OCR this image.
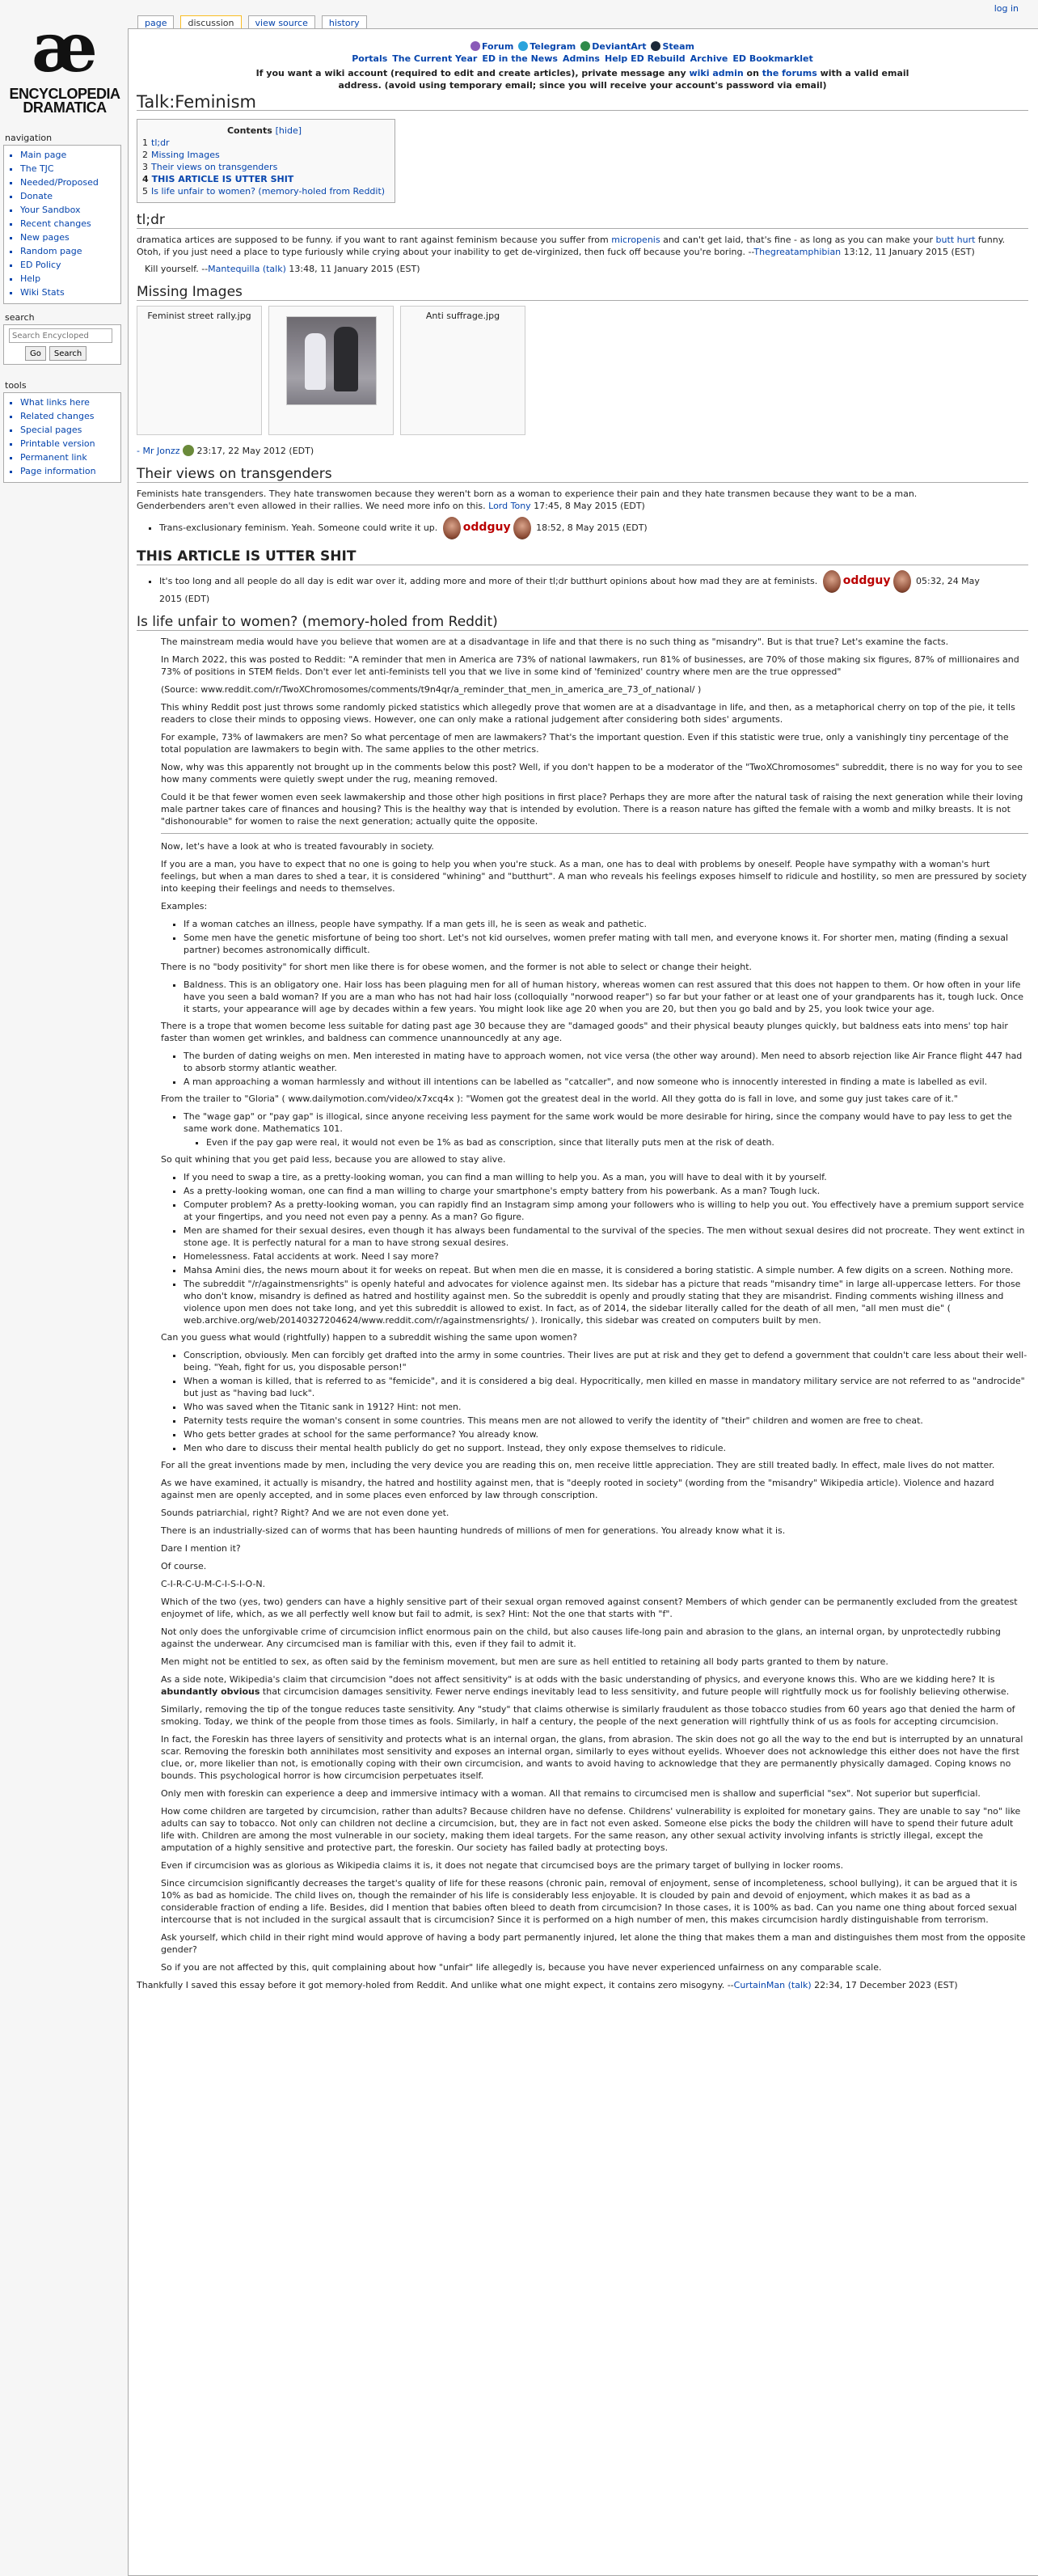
æ
ENCYCLOPEDIA
DRAMATICA
navigation
▪ Main page
▪ The TJC
▪ Needed/Proposed
▪ Donate
▪ Your Sandbox
▪ Recent changes
▪ New pages
▪ Random page
▪ ED Policy
▪ Help
▪ Wiki Stats
search
Search Encycloped
Go	Search
tools
▪ What links here
▪ Related changes
▪ Special pages
▪ Printable version
▪ Permanent link
▪ Page information
log in
page	discussion	view source	history
Forum	Telegram	DeviantArt	Steam
Portals The Current Year ED in the News Admins Help ED Rebuild Archive ED Bookmarklet
If you want a wiki account (required to edit and create articles), private message any wiki admin on the forums with a valid email
address. (avoid using temporary email; since you will receive your account's password via email)
Talk:Feminism
Contents [hide]
1 tl;dr
2 Missing Images
3 Their views on transgenders
4 THIS ARTICLE IS UTTER SHIT
5 Is life unfair to women? (memory-holed from Reddit)
tl;dr

dramatica artices are supposed to be funny. if you want to rant against feminism because you suffer from micropenis and can't get laid, that's fine - as long as you can make your butt hurt funny. Otoh, if you just need a place to type furiously while crying about your inability to get de-virginized, then fuck off because you're boring. --Thegreatamphibian 13:12, 11 January 2015 (EST)

Kill yourself. --Mantequilla (talk) 13:48, 11 January 2015 (EST)

Missing Images
Feminist street rally.jpg	Anti suffrage.jpg

- Mr Jonzz  23:17, 22 May 2012 (EDT)

Their views on transgenders

Feminists hate transgenders. They hate transwomen because they weren't born as a woman to experience their pain and they hate transmen because they want to be a man.
Genderbenders aren't even allowed in their rallies. We need more info on this. Lord Tony 17:45, 8 May 2015 (EDT)

▪ Trans-exclusionary feminism. Yeah. Someone could write it up. oddguy	18:52, 8 May 2015 (EDT)
THIS ARTICLE IS UTTER SHIT
▪ It's too long and all people do all day is edit war over it, adding more and more of their tl;dr butthurt opinions about how mad they are at feminists. oddguy	05:32, 24 May
2015 (EDT)
Is life unfair to women? (memory-holed from Reddit)

The mainstream media would have you believe that women are at a disadvantage in life and that there is no such thing as "misandry". But is that true? Let's examine the facts.

In March 2022, this was posted to Reddit: "A reminder that men in America are 73% of national lawmakers, run 81% of businesses, are 70% of those making six figures, 87% of millionaires and 73% of positions in STEM fields. Don't ever let anti-feminists tell you that we live in some kind of 'feminized' country where men are the true oppressed"

(Source: www.reddit.com/r/TwoXChromosomes/comments/t9n4qr/a_reminder_that_men_in_america_are_73_of_national/ )

This whiny Reddit post just throws some randomly picked statistics which allegedly prove that women are at a disadvantage in life, and then, as a metaphorical cherry on top of the pie, it tells readers to close their minds to opposing views. However, one can only make a rational judgement after considering both sides' arguments.

For example, 73% of lawmakers are men? So what percentage of men are lawmakers? That's the important question. Even if this statistic were true, only a vanishingly tiny percentage of the total population are lawmakers to begin with. The same applies to the other metrics.

Now, why was this apparently not brought up in the comments below this post? Well, if you don't happen to be a moderator of the "TwoXChromosomes" subreddit, there is no way for you to see how many comments were quietly swept under the rug, meaning removed.

Could it be that fewer women even seek lawmakership and those other high positions in first place? Perhaps they are more after the natural task of raising the next generation while their loving male partner takes care of finances and housing? This is the healthy way that is intended by evolution. There is a reason nature has gifted the female with a womb and milky breasts. It is not "dishonourable" for women to raise the next generation; actually quite the opposite.

Now, let's have a look at who is treated favourably in society.

If you are a man, you have to expect that no one is going to help you when you're stuck. As a man, one has to deal with problems by oneself. People have sympathy with a woman's hurt feelings, but when a man dares to shed a tear, it is considered "whining" and "butthurt". A man who reveals his feelings exposes himself to ridicule and hostility, so men are pressured by society into keeping their feelings and needs to themselves.

Examples:

▪ If a woman catches an illness, people have sympathy. If a man gets ill, he is seen as weak and pathetic.
▪ Some men have the genetic misfortune of being too short. Let's not kid ourselves, women prefer mating with tall men, and everyone knows it. For shorter men, mating (finding a sexual partner) becomes astronomically difficult.

There is no "body positivity" for short men like there is for obese women, and the former is not able to select or change their height.

▪ Baldness. This is an obligatory one. Hair loss has been plaguing men for all of human history, whereas women can rest assured that this does not happen to them. Or how often in your life have you seen a bald woman? If you are a man who has not had hair loss (colloquially "norwood reaper") so far but your father or at least one of your grandparents has it, tough luck. Once it starts, your appearance will age by decades within a few years. You might look like age 20 when you are 20, but then you go bald and by 25, you look twice your age.

There is a trope that women become less suitable for dating past age 30 because they are "damaged goods" and their physical beauty plunges quickly, but baldness eats into mens' top hair faster than women get wrinkles, and baldness can commence unannouncedly at any age.

▪ The burden of dating weighs on men. Men interested in mating have to approach women, not vice versa (the other way around). Men need to absorb rejection like Air France flight 447 had to absorb stormy atlantic weather.
▪ A man approaching a woman harmlessly and without ill intentions can be labelled as "catcaller", and now someone who is innocently interested in finding a mate is labelled as evil.

From the trailer to "Gloria" ( www.dailymotion.com/video/x7xcq4x ): "Women got the greatest deal in the world. All they gotta do is fall in love, and some guy just takes care of it."

▪ The "wage gap" or "pay gap" is illogical, since anyone receiving less payment for the same work would be more desirable for hiring, since the company would have to pay less to get the same work done. Mathematics 101.
▪ Even if the pay gap were real, it would not even be 1% as bad as conscription, since that literally puts men at the risk of death.

So quit whining that you get paid less, because you are allowed to stay alive.

▪ If you need to swap a tire, as a pretty-looking woman, you can find a man willing to help you. As a man, you will have to deal with it by yourself.
▪ As a pretty-looking woman, one can find a man willing to charge your smartphone's empty battery from his powerbank. As a man? Tough luck.
▪ Computer problem? As a pretty-looking woman, you can rapidly find an Instagram simp among your followers who is willing to help you out. You effectively have a premium support service at your fingertips, and you need not even pay a penny. As a man? Go figure.
▪ Men are shamed for their sexual desires, even though it has always been fundamental to the survival of the species. The men without sexual desires did not procreate. They went extinct in stone age. It is perfectly natural for a man to have strong sexual desires.
▪ Homelessness. Fatal accidents at work. Need I say more?
▪ Mahsa Amini dies, the news mourn about it for weeks on repeat. But when men die en masse, it is considered a boring statistic. A simple number. A few digits on a screen. Nothing more.
▪ The subreddit "/r/againstmensrights" is openly hateful and advocates for violence against men. Its sidebar has a picture that reads "misandry time" in large all-uppercase letters. For those who don't know, misandry is defined as hatred and hostility against men. So the subreddit is openly and proudly stating that they are misandrist. Finding comments wishing illness and violence upon men does not take long, and yet this subreddit is allowed to exist. In fact, as of 2014, the sidebar literally called for the death of all men, "all men must die" ( web.archive.org/web/20140327204624/www.reddit.com/r/againstmensrights/ ). Ironically, this sidebar was created on computers built by men.

Can you guess what would (rightfully) happen to a subreddit wishing the same upon women?

▪ Conscription, obviously. Men can forcibly get drafted into the army in some countries. Their lives are put at risk and they get to defend a government that couldn't care less about their well-being. "Yeah, fight for us, you disposable person!"
▪ When a woman is killed, that is referred to as "femicide", and it is considered a big deal. Hypocritically, men killed en masse in mandatory military service are not referred to as "androcide" but just as "having bad luck".
▪ Who was saved when the Titanic sank in 1912? Hint: not men.
▪ Paternity tests require the woman's consent in some countries. This means men are not allowed to verify the identity of "their" children and women are free to cheat.
▪ Who gets better grades at school for the same performance? You already know.
▪ Men who dare to discuss their mental health publicly do get no support. Instead, they only expose themselves to ridicule.

For all the great inventions made by men, including the very device you are reading this on, men receive little appreciation. They are still treated badly. In effect, male lives do not matter.

As we have examined, it actually is misandry, the hatred and hostility against men, that is "deeply rooted in society" (wording from the "misandry" Wikipedia article). Violence and hazard against men are openly accepted, and in some places even enforced by law through conscription.

Sounds patriarchial, right? Right? And we are not even done yet.

There is an industrially-sized can of worms that has been haunting hundreds of millions of men for generations. You already know what it is.

Dare I mention it?

Of course.

C-I-R-C-U-M-C-I-S-I-O-N.

Which of the two (yes, two) genders can have a highly sensitive part of their sexual organ removed against consent? Members of which gender can be permanently excluded from the greatest enjoymet of life, which, as we all perfectly well know but fail to admit, is sex? Hint: Not the one that starts with "f".

Not only does the unforgivable crime of circumcision inflict enormous pain on the child, but also causes life-long pain and abrasion to the glans, an internal organ, by unprotectedly rubbing against the underwear. Any circumcised man is familiar with this, even if they fail to admit it.

Men might not be entitled to sex, as often said by the feminism movement, but men are sure as hell entitled to retaining all body parts granted to them by nature.

As a side note, Wikipedia's claim that circumcision "does not affect sensitivity" is at odds with the basic understanding of physics, and everyone knows this. Who are we kidding here? It is abundantly obvious that circumcision damages sensitivity. Fewer nerve endings inevitably lead to less sensitivity, and future people will rightfully mock us for foolishly believing otherwise.

Similarly, removing the tip of the tongue reduces taste sensitivity. Any "study" that claims otherwise is similarly fraudulent as those tobacco studies from 60 years ago that denied the harm of smoking. Today, we think of the people from those times as fools. Similarly, in half a century, the people of the next generation will rightfully think of us as fools for accepting circumcision.

In fact, the Foreskin has three layers of sensitivity and protects what is an internal organ, the glans, from abrasion. The skin does not go all the way to the end but is interrupted by an unnatural scar. Removing the foreskin both annihilates most sensitivity and exposes an internal organ, similarly to eyes without eyelids. Whoever does not acknowledge this either does not have the first clue, or, more likelier than not, is emotionally coping with their own circumcision, and wants to avoid having to acknowledge that they are permanently physically damaged. Coping knows no bounds. This psychological horror is how circumcision perpetuates itself.

Only men with foreskin can experience a deep and immersive intimacy with a woman. All that remains to circumcised men is shallow and superficial "sex". Not superior but superficial.

How come children are targeted by circumcision, rather than adults? Because children have no defense. Childrens' vulnerability is exploited for monetary gains. They are unable to say "no" like adults can say to tobacco. Not only can children not decline a circumcision, but, they are in fact not even asked. Someone else picks the body the children will have to spend their future adult life with. Children are among the most vulnerable in our society, making them ideal targets. For the same reason, any other sexual activity involving infants is strictly illegal, except the amputation of a highly sensitive and protective part, the foreskin. Our society has failed badly at protecting boys.

Even if circumcision was as glorious as Wikipedia claims it is, it does not negate that circumcised boys are the primary target of bullying in locker rooms.

Since circumcision significantly decreases the target's quality of life for these reasons (chronic pain, removal of enjoyment, sense of incompleteness, school bullying), it can be argued that it is 10% as bad as homicide. The child lives on, though the remainder of his life is considerably less enjoyable. It is clouded by pain and devoid of enjoyment, which makes it as bad as a considerable fraction of ending a life. Besides, did I mention that babies often bleed to death from circumcision? In those cases, it is 100% as bad. Can you name one thing about forced sexual intercourse that is not included in the surgical assault that is circumcision? Since it is performed on a high number of men, this makes circumcision hardly distinguishable from terrorism.

Ask yourself, which child in their right mind would approve of having a body part permanently injured, let alone the thing that makes them a man and distinguishes them most from the opposite gender?

So if you are not affected by this, quit complaining about how "unfair" life allegedly is, because you have never experienced unfairness on any comparable scale.

Thankfully I saved this essay before it got memory-holed from Reddit. And unlike what one might expect, it contains zero misogyny. --CurtainMan (talk) 22:34, 17 December 2023 (EST)
